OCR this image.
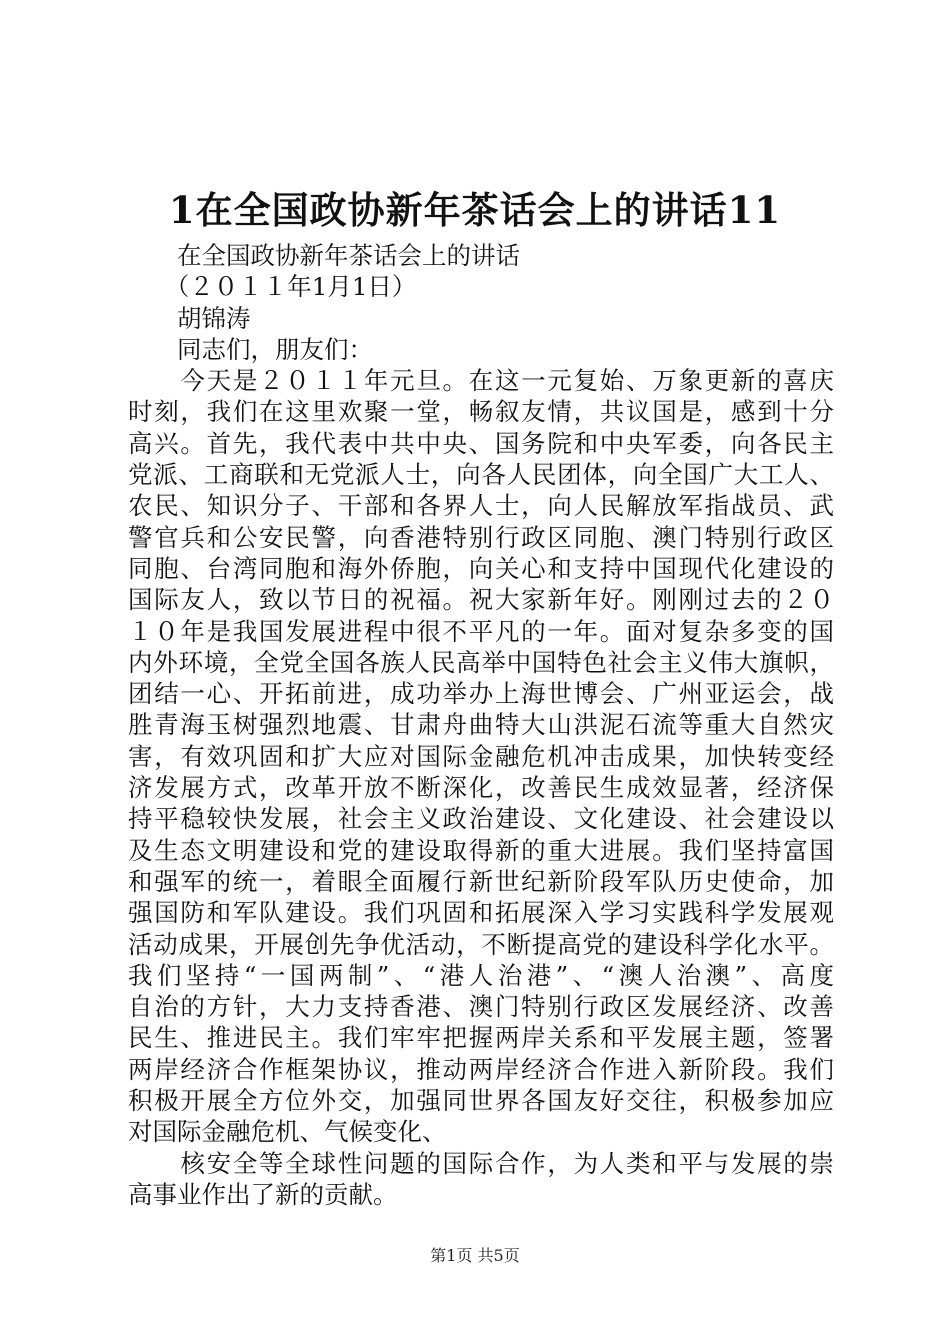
1在全国政协新年茶话会上的讲话11
　　在全国政协新年茶话会上的讲话
　　（２０１１年1月1日）
　　胡锦涛
　　同志们，朋友们：
　　今天是２０１１年元旦。在这一元复始、万象更新的喜庆
时刻，我们在这里欢聚一堂，畅叙友情，共议国是，感到十分
高兴。首先，我代表中共中央、国务院和中央军委，向各民主
党派、工商联和无党派人士，向各人民团体，向全国广大工人、
农民、知识分子、干部和各界人士，向人民解放军指战员、武
警官兵和公安民警，向香港特别行政区同胞、澳门特别行政区
同胞、台湾同胞和海外侨胞，向关心和支持中国现代化建设的
国际友人，致以节日的祝福。祝大家新年好。刚刚过去的２０
１０年是我国发展进程中很不平凡的一年。面对复杂多变的国
内外环境，全党全国各族人民高举中国特色社会主义伟大旗帜，
团结一心、开拓前进，成功举办上海世博会、广州亚运会，战
胜青海玉树强烈地震、甘肃舟曲特大山洪泥石流等重大自然灾
害，有效巩固和扩大应对国际金融危机冲击成果，加快转变经
济发展方式，改革开放不断深化，改善民生成效显著，经济保
持平稳较快发展，社会主义政治建设、文化建设、社会建设以
及生态文明建设和党的建设取得新的重大进展。我们坚持富国
和强军的统一，着眼全面履行新世纪新阶段军队历史使命，加
强国防和军队建设。我们巩固和拓展深入学习实践科学发展观
活动成果，开展创先争优活动，不断提高党的建设科学化水平。
我们坚持“一国两制”、“港人治港”、“澳人治澳”、高度
自治的方针，大力支持香港、澳门特别行政区发展经济、改善
民生、推进民主。我们牢牢把握两岸关系和平发展主题，签署
两岸经济合作框架协议，推动两岸经济合作进入新阶段。我们
积极开展全方位外交，加强同世界各国友好交往，积极参加应
对国际金融危机、气候变化、
　　核安全等全球性问题的国际合作，为人类和平与发展的崇
高事业作出了新的贡献。
第1页 共5页
